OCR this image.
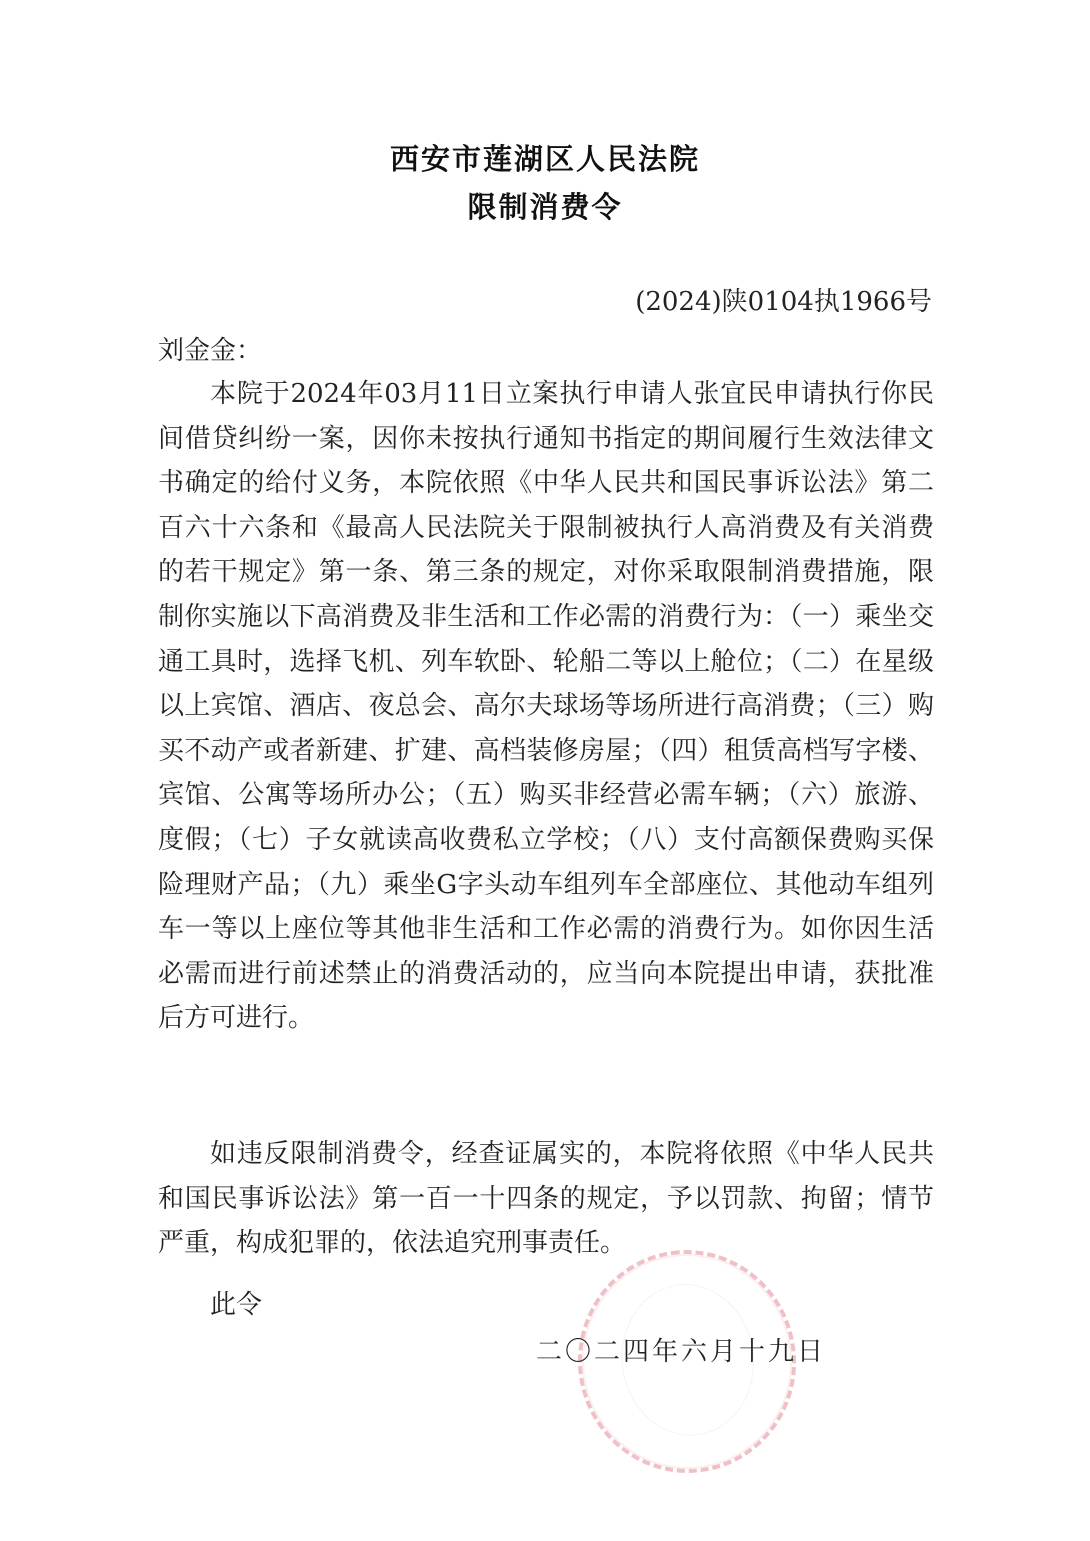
西安市莲湖区人民法院
限制消费令
(2024)陕0104执1966号
刘金金：
本院于2024年03月11日立案执行申请人张宜民申请执行你民间借贷纠纷一案，因你未按执行通知书指定的期间履行生效法律文书确定的给付义务，本院依照《中华人民共和国民事诉讼法》第二百六十六条和《最高人民法院关于限制被执行人高消费及有关消费的若干规定》第一条、第三条的规定，对你采取限制消费措施，限制你实施以下高消费及非生活和工作必需的消费行为：（一）乘坐交通工具时，选择飞机、列车软卧、轮船二等以上舱位；（二）在星级以上宾馆、酒店、夜总会、高尔夫球场等场所进行高消费；（三）购买不动产或者新建、扩建、高档装修房屋；（四）租赁高档写字楼、宾馆、公寓等场所办公；（五）购买非经营必需车辆；（六）旅游、度假；（七）子女就读高收费私立学校；（八）支付高额保费购买保险理财产品；（九）乘坐G字头动车组列车全部座位、其他动车组列车一等以上座位等其他非生活和工作必需的消费行为。如你因生活必需而进行前述禁止的消费活动的，应当向本院提出申请，获批准后方可进行。
如违反限制消费令，经查证属实的，本院将依照《中华人民共和国民事诉讼法》第一百一十四条的规定，予以罚款、拘留；情节严重，构成犯罪的，依法追究刑事责任。
此令
二〇二四年六月十九日
